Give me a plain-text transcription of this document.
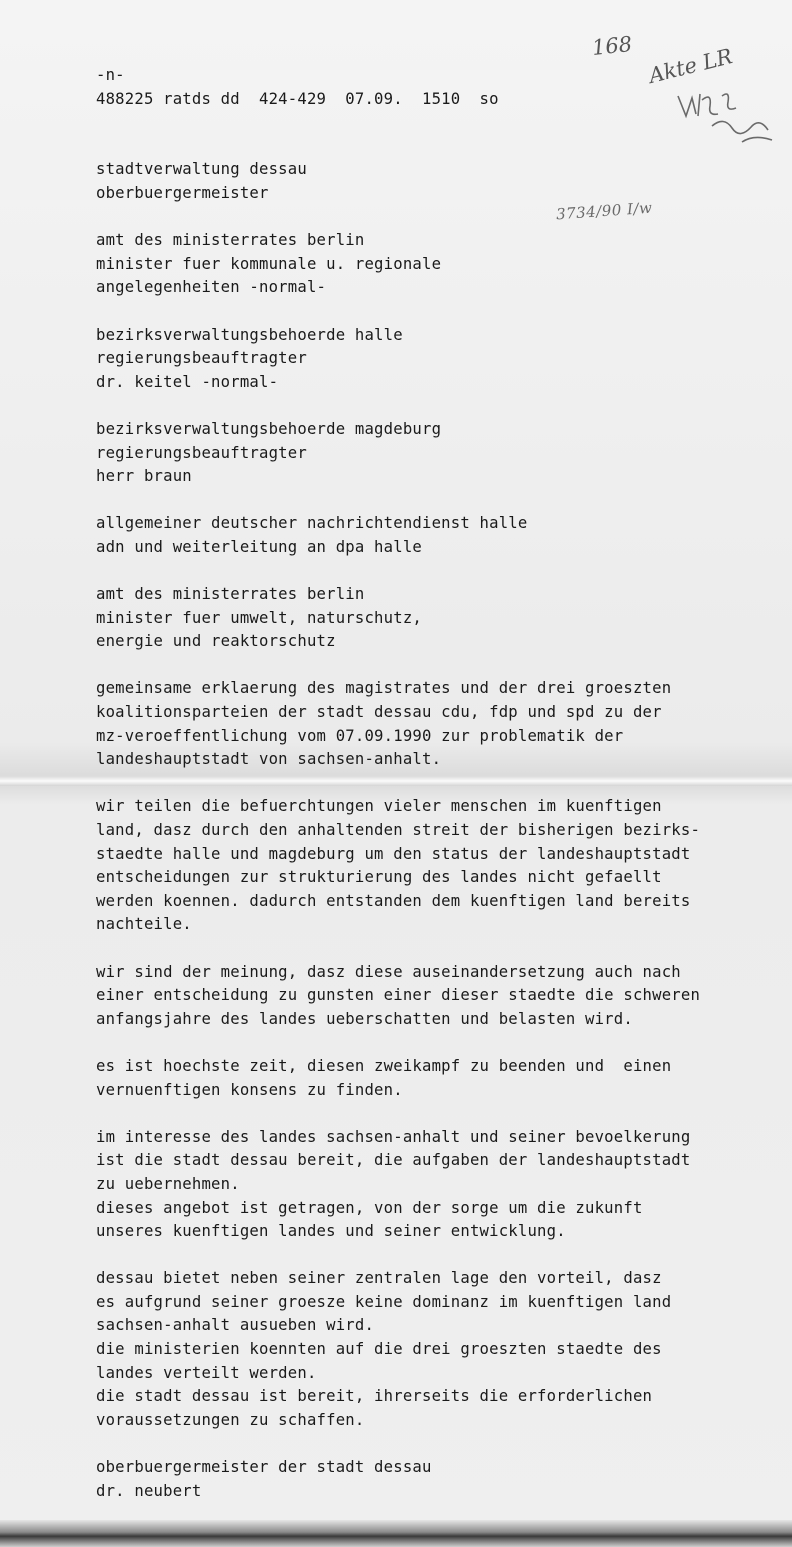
168 Akte LR
3734/90 I/w
-n-
488225 ratds dd  424-429  07.09.  1510  so
stadtverwaltung dessau
oberbuergermeister
amt des ministerrates berlin
minister fuer kommunale u. regionale
angelegenheiten -normal-
bezirksverwaltungsbehoerde halle
regierungsbeauftragter
dr. keitel -normal-
bezirksverwaltungsbehoerde magdeburg
regierungsbeauftragter
herr braun
allgemeiner deutscher nachrichtendienst halle
adn und weiterleitung an dpa halle
amt des ministerrates berlin
minister fuer umwelt, naturschutz,
energie und reaktorschutz
gemeinsame erklaerung des magistrates und der drei groeszten
koalitionsparteien der stadt dessau cdu, fdp und spd zu der
mz-veroeffentlichung vom 07.09.1990 zur problematik der
landeshauptstadt von sachsen-anhalt.
wir teilen die befuerchtungen vieler menschen im kuenftigen
land, dasz durch den anhaltenden streit der bisherigen bezirks-
staedte halle und magdeburg um den status der landeshauptstadt
entscheidungen zur strukturierung des landes nicht gefaellt
werden koennen. dadurch entstanden dem kuenftigen land bereits
nachteile.
wir sind der meinung, dasz diese auseinandersetzung auch nach
einer entscheidung zu gunsten einer dieser staedte die schweren
anfangsjahre des landes ueberschatten und belasten wird.
es ist hoechste zeit, diesen zweikampf zu beenden und  einen
vernuenftigen konsens zu finden.
im interesse des landes sachsen-anhalt und seiner bevoelkerung
ist die stadt dessau bereit, die aufgaben der landeshauptstadt
zu uebernehmen.
dieses angebot ist getragen, von der sorge um die zukunft
unseres kuenftigen landes und seiner entwicklung.
dessau bietet neben seiner zentralen lage den vorteil, dasz
es aufgrund seiner groesze keine dominanz im kuenftigen land
sachsen-anhalt ausueben wird.
die ministerien koennten auf die drei groeszten staedte des
landes verteilt werden.
die stadt dessau ist bereit, ihrerseits die erforderlichen
voraussetzungen zu schaffen.
oberbuergermeister der stadt dessau
dr. neubert
